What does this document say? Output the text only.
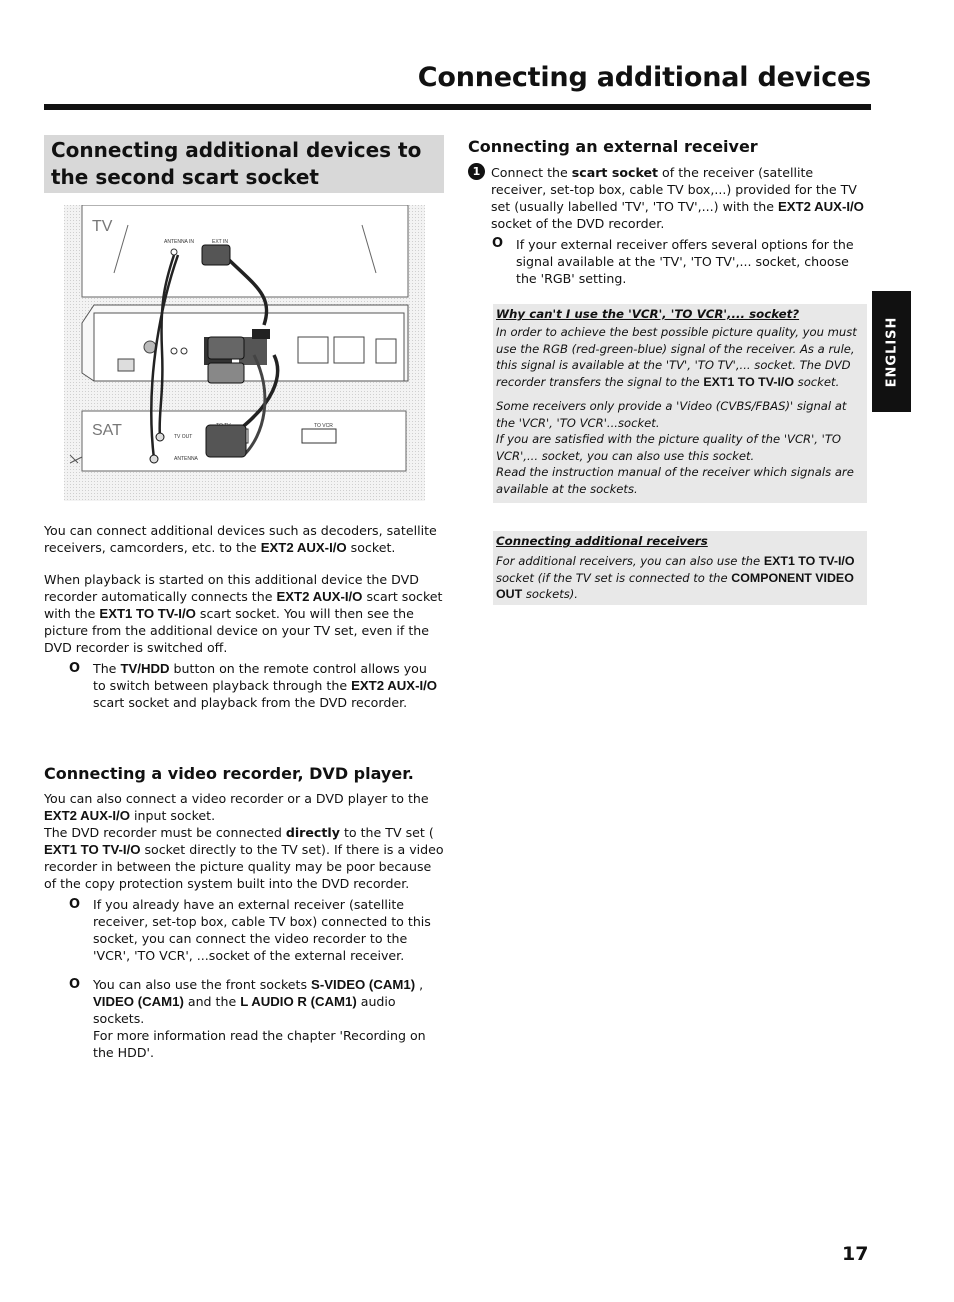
Connecting additional devices
Connecting additional devices to the second scart socket
TV
ANTENNA IN	EXT IN
SAT	TV OUT
ANTENNA
TO VCR
You can connect additional devices such as decoders, satellite receivers, camcorders, etc. to the EXT2 AUX-I/O socket.
When playback is started on this additional device the DVD recorder automatically connects the EXT2 AUX-I/O scart socket with the EXT1 TO TV-I/O scart socket. You will then see the picture from the additional device on your TV set, even if the DVD recorder is switched off.
O The TV/HDD button on the remote control allows you to switch between playback through the EXT2 AUX-I/O scart socket and playback from the DVD recorder.
Connecting a video recorder, DVD player.
You can also connect a video recorder or a DVD player to the EXT2 AUX-I/O input socket.
The DVD recorder must be connected directly to the TV set ( EXT1 TO TV-I/O socket directly to the TV set). If there is a video recorder in between the picture quality may be poor because of the copy protection system built into the DVD recorder.
O If you already have an external receiver (satellite receiver, set-top box, cable TV box) connected to this socket, you can connect the video recorder to the 'VCR', 'TO VCR', ...socket of the external receiver.
O You can also use the front sockets S-VIDEO (CAM1) , VIDEO (CAM1) and the L AUDIO R (CAM1) audio sockets.
For more information read the chapter 'Recording on the HDD'.
Connecting an external receiver
1 Connect the scart socket of the receiver (satellite receiver, set-top box, cable TV box,...) provided for the TV set (usually labelled 'TV', 'TO TV',...) with the EXT2 AUX-I/O socket of the DVD recorder.
O If your external receiver offers several options for the signal available at the 'TV', 'TO TV',... socket, choose the 'RGB' setting.
Why can't I use the 'VCR', 'TO VCR',... socket?
In order to achieve the best possible picture quality, you must use the RGB (red-green-blue) signal of the receiver. As a rule, this signal is available at the 'TV', 'TO TV',... socket. The DVD recorder transfers the signal to the EXT1 TO TV-I/O socket.
Some receivers only provide a 'Video (CVBS/FBAS)' signal at the 'VCR', 'TO VCR'...socket.
If you are satisfied with the picture quality of the 'VCR', 'TO VCR',... socket, you can also use this socket.
Read the instruction manual of the receiver which signals are available at the sockets.
Connecting additional receivers
For additional receivers, you can also use the EXT1 TO TV-I/O socket (if the TV set is connected to the COMPONENT VIDEO OUT sockets).
ENGLISH
17
